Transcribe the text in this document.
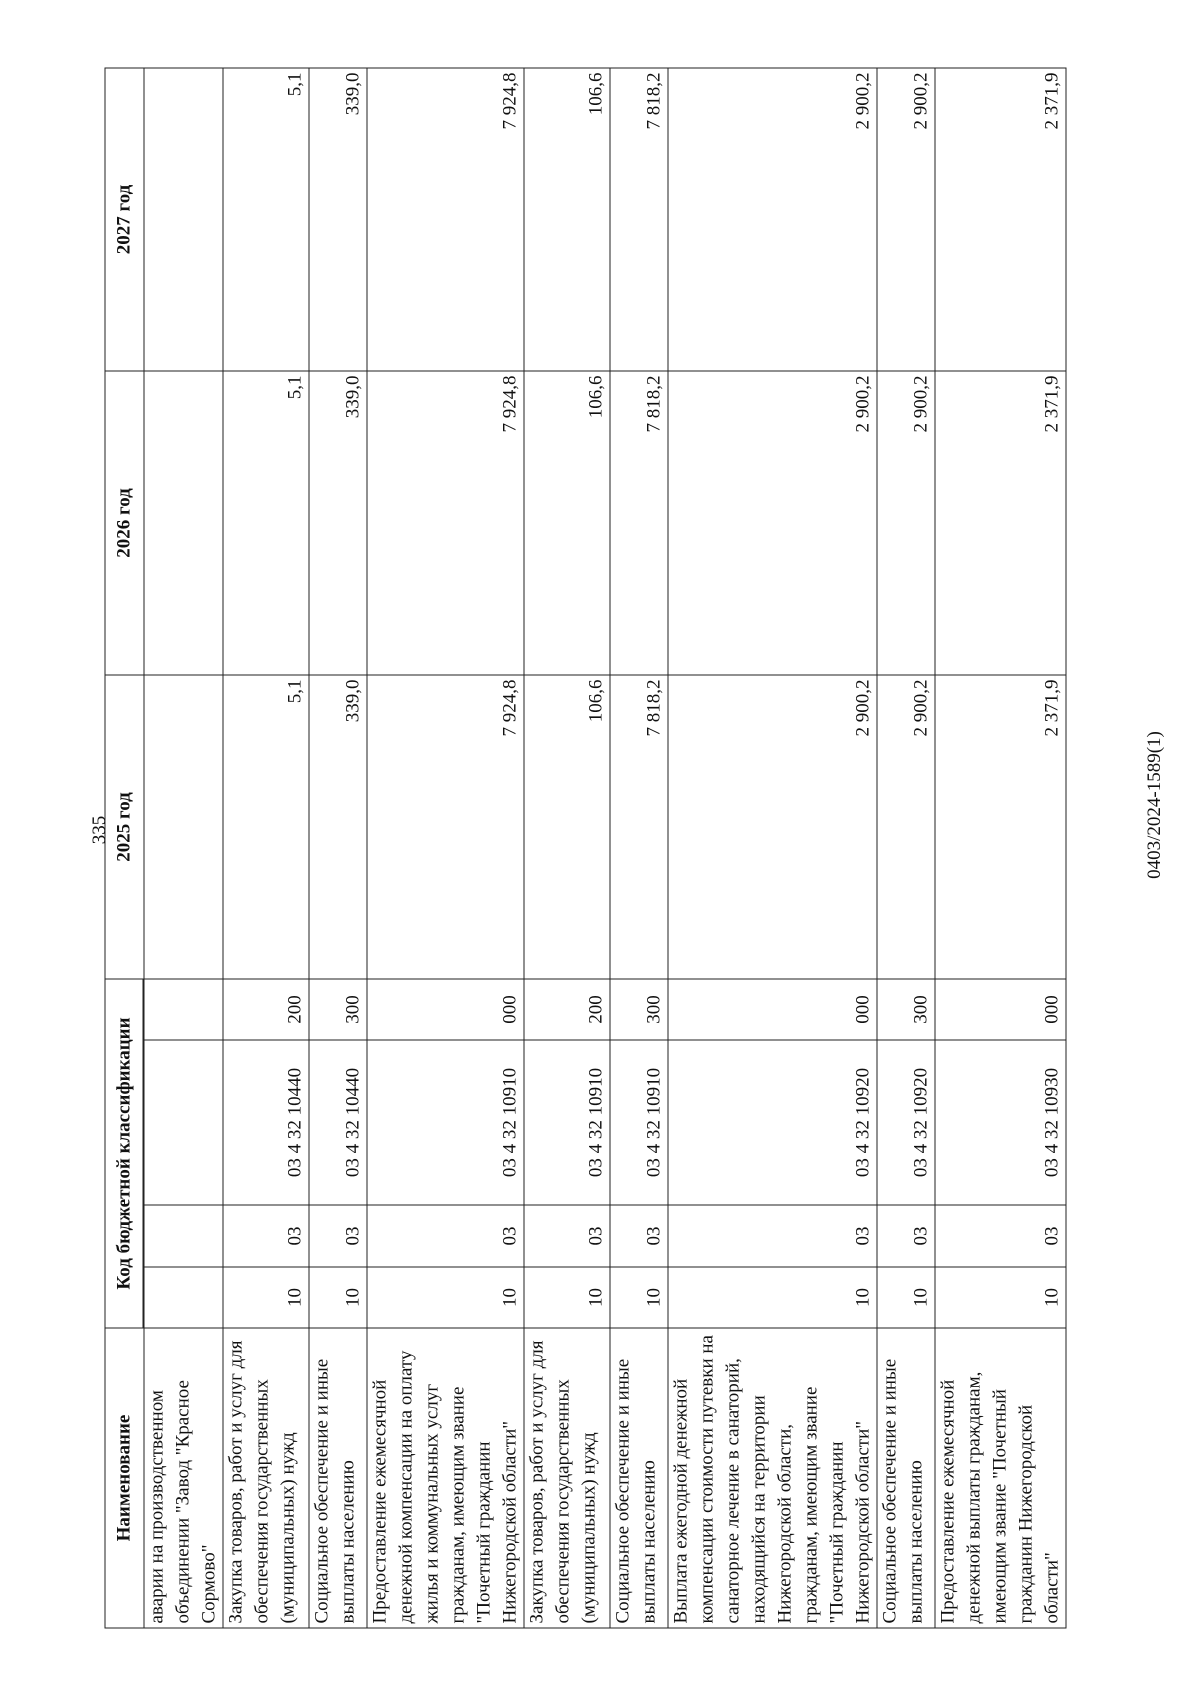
335
Наименование	Код бюджетной классификации				2025 год	2026 год	2027 год

аварии на производственном объединении "Завод "Красное Сормово"							
Закупка товаров, работ и услуг для обеспечения государственных (муниципальных) нужд	10	03	03 4 32 10440	200	5,1	5,1	5,1
Социальное обеспечение и иные выплаты населению	10	03	03 4 32 10440	300	339,0	339,0	339,0
Предоставление ежемесячной денежной компенсации на оплату жилья и коммунальных услуг гражданам, имеющим звание "Почетный гражданин Нижегородской области"	10	03	03 4 32 10910	000	7 924,8	7 924,8	7 924,8
Закупка товаров, работ и услуг для обеспечения государственных (муниципальных) нужд	10	03	03 4 32 10910	200	106,6	106,6	106,6
Социальное обеспечение и иные выплаты населению	10	03	03 4 32 10910	300	7 818,2	7 818,2	7 818,2
Выплата ежегодной денежной компенсации стоимости путевки на санаторное лечение в санаторий, находящийся на территории Нижегородской области, гражданам, имеющим звание "Почетный гражданин Нижегородской области"	10	03	03 4 32 10920	000	2 900,2	2 900,2	2 900,2
Социальное обеспечение и иные выплаты населению	10	03	03 4 32 10920	300	2 900,2	2 900,2	2 900,2
Предоставление ежемесячной денежной выплаты гражданам, имеющим звание "Почетный гражданин Нижегородской области"	10	03	03 4 32 10930	000	2 371,9	2 371,9	2 371,9
0403/2024-1589(1)
